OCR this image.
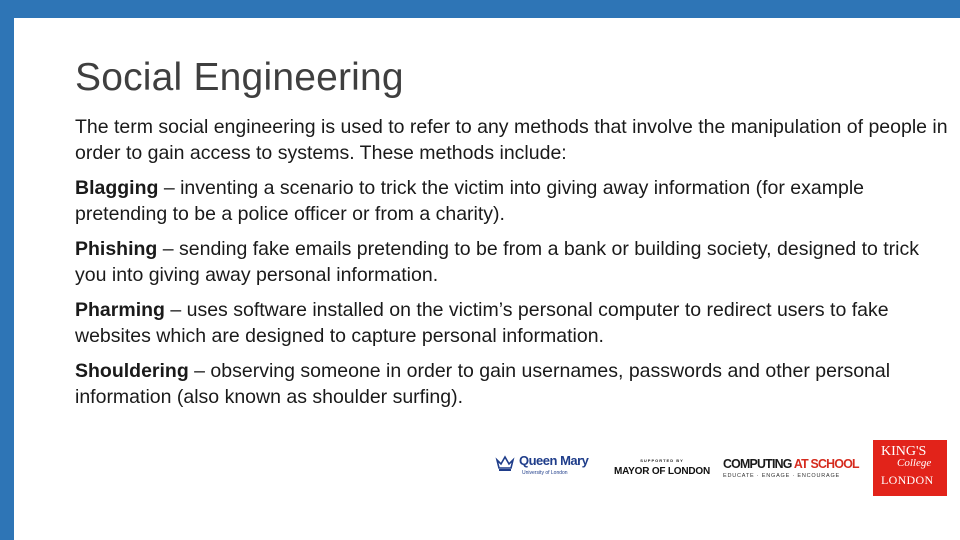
Social Engineering

The term social engineering is used to refer to any methods that involve the manipulation of people in order to gain access to systems. These methods include:

Blagging – inventing a scenario to trick the victim into giving away information (for example pretending to be a police officer or from a charity).

Phishing – sending fake emails pretending to be from a bank or building society, designed to trick you into giving away personal information.

Pharming – uses software installed on the victim’s personal computer to redirect users to fake websites which are designed to capture personal information.

Shouldering – observing someone in order to gain usernames, passwords and other personal information (also known as shoulder surfing).

Queen Mary
University of London
SUPPORTED BY
MAYOR OF LONDON
COMPUTING AT SCHOOL
EDUCATE · ENGAGE · ENCOURAGE
KING'S
College
LONDON
